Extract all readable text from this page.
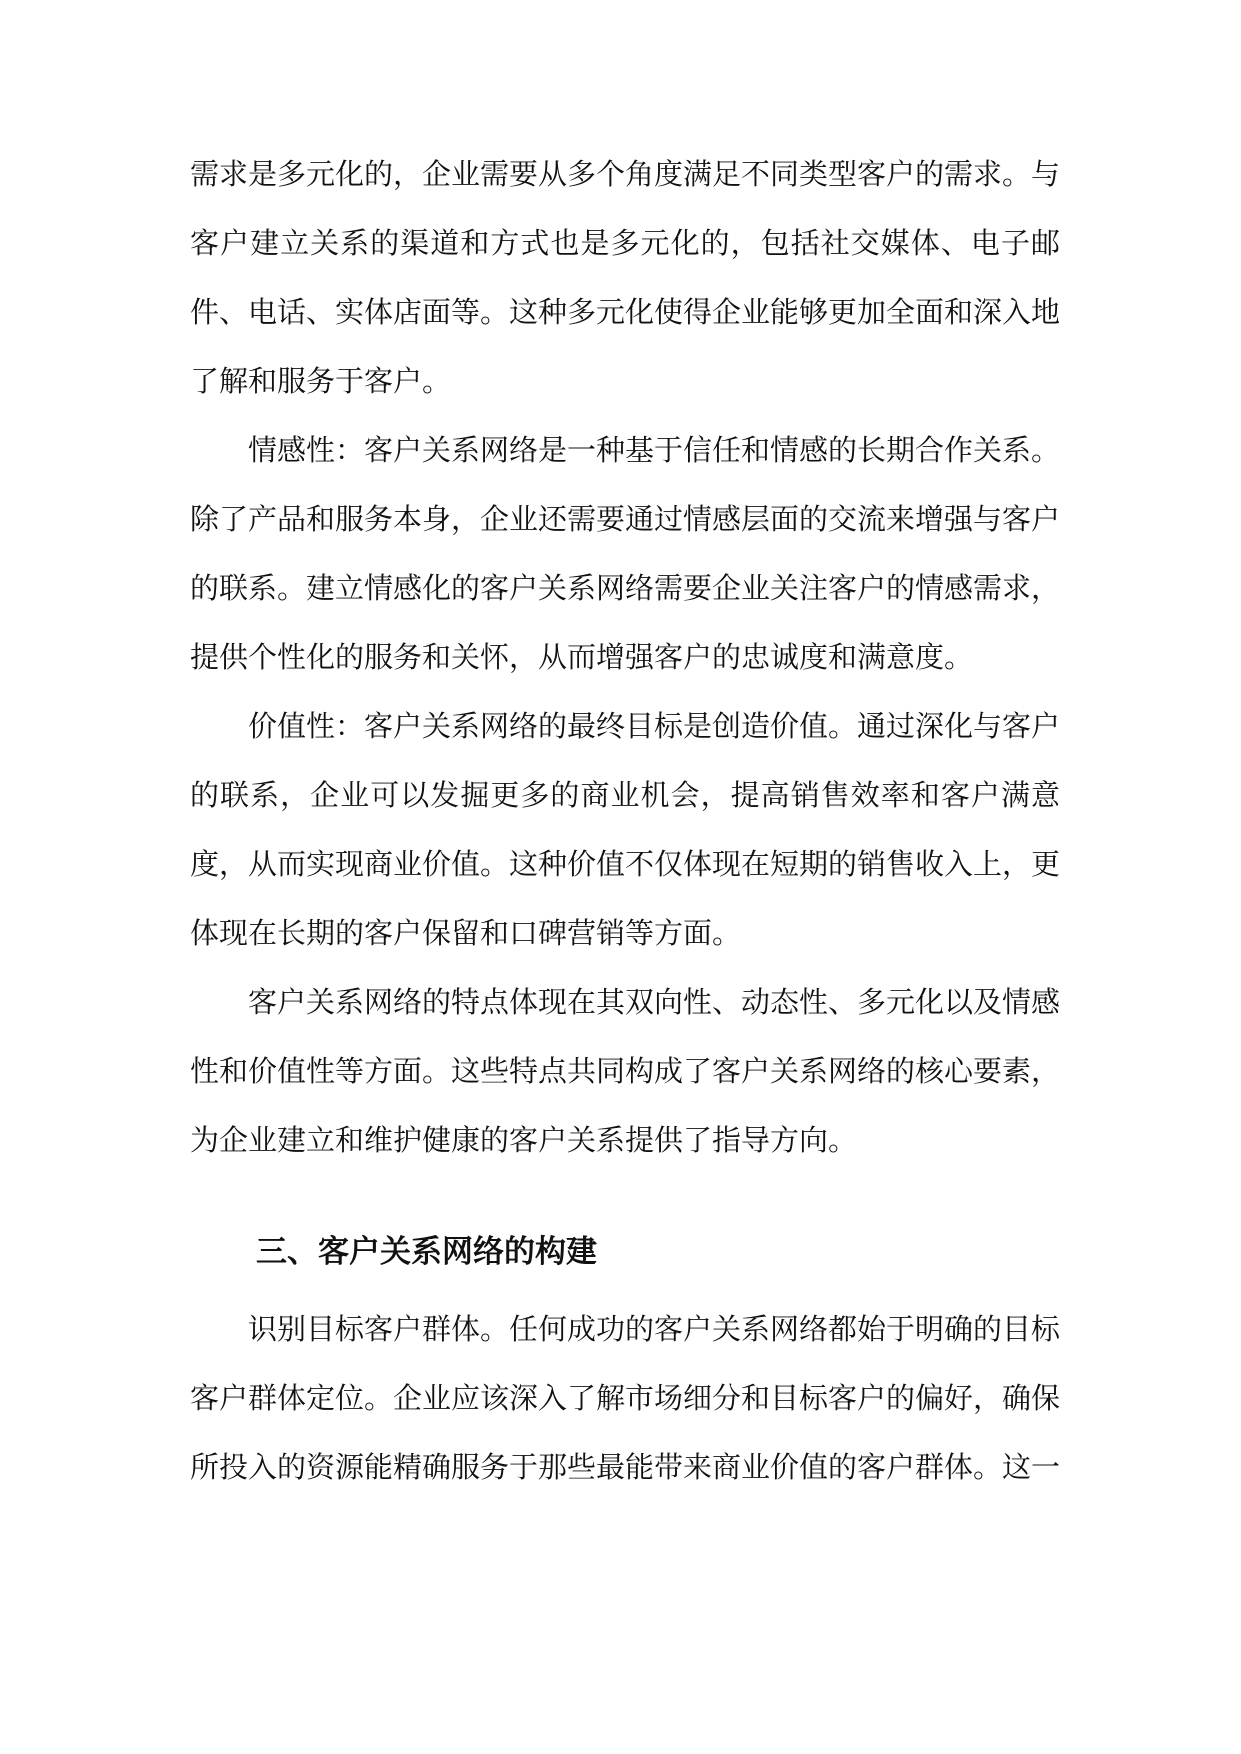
需求是多元化的，企业需要从多个角度满足不同类型客户的需求。与客户建立关系的渠道和方式也是多元化的，包括社交媒体、电子邮件、电话、实体店面等。这种多元化使得企业能够更加全面和深入地了解和服务于客户。

情感性：客户关系网络是一种基于信任和情感的长期合作关系。除了产品和服务本身，企业还需要通过情感层面的交流来增强与客户的联系。建立情感化的客户关系网络需要企业关注客户的情感需求，提供个性化的服务和关怀，从而增强客户的忠诚度和满意度。

价值性：客户关系网络的最终目标是创造价值。通过深化与客户的联系，企业可以发掘更多的商业机会，提高销售效率和客户满意度，从而实现商业价值。这种价值不仅体现在短期的销售收入上，更体现在长期的客户保留和口碑营销等方面。

客户关系网络的特点体现在其双向性、动态性、多元化以及情感性和价值性等方面。这些特点共同构成了客户关系网络的核心要素，为企业建立和维护健康的客户关系提供了指导方向。

三、客户关系网络的构建

识别目标客户群体。任何成功的客户关系网络都始于明确的目标客户群体定位。企业应该深入了解市场细分和目标客户的偏好，确保所投入的资源能精确服务于那些最能带来商业价值的客户群体。这一
